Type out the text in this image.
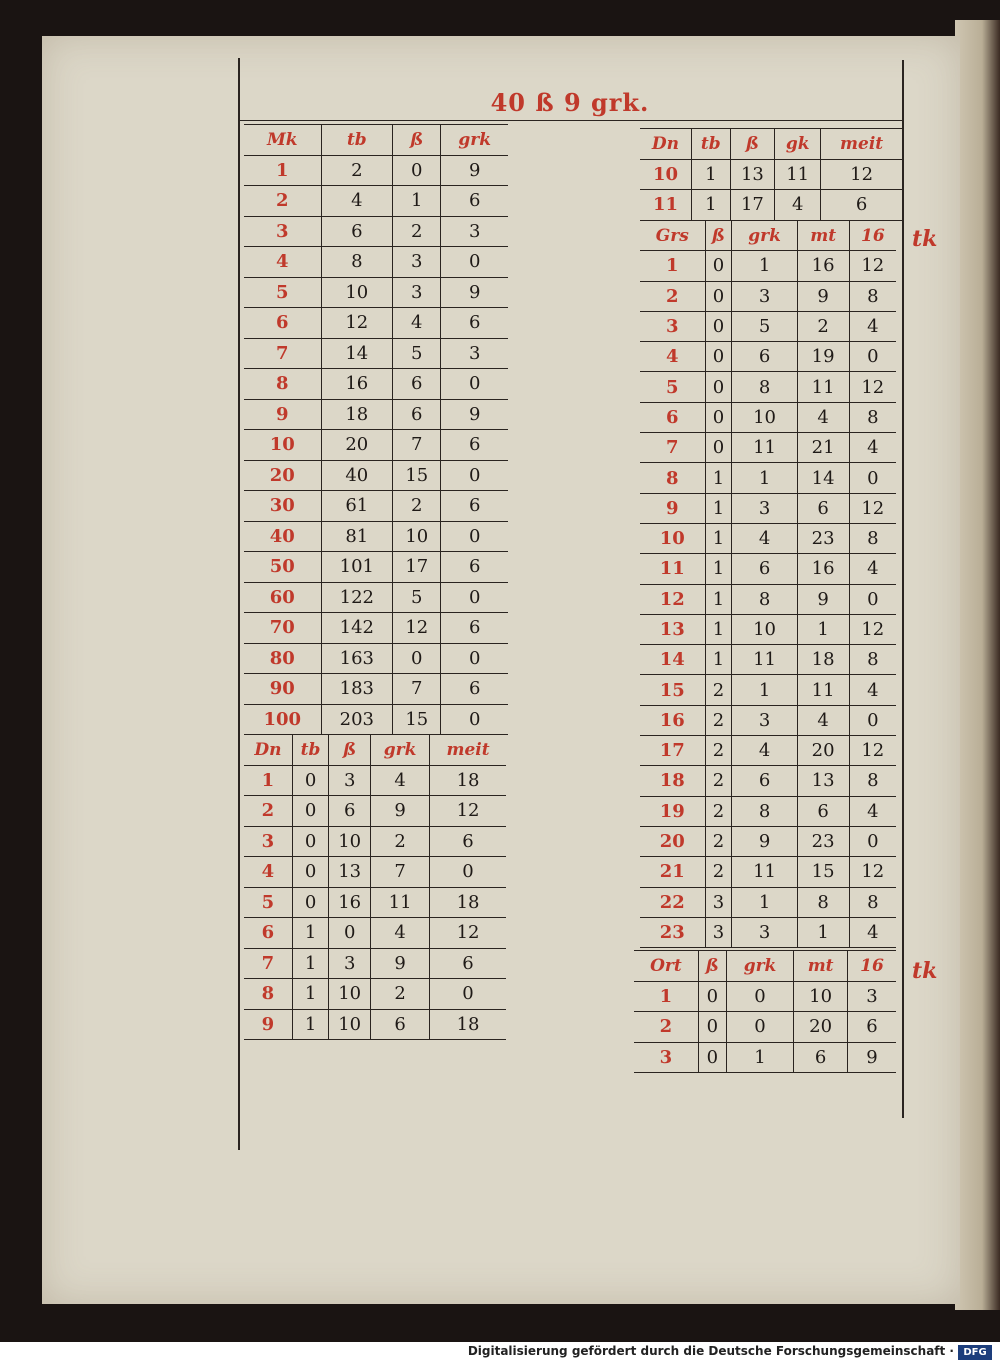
40 ß 9 grk.
Mk	tb	ß	grk
1	2	0	9
2	4	1	6
3	6	2	3
4	8	3	0
5	10	3	9
6	12	4	6
7	14	5	3
8	16	6	0
9	18	6	9
10	20	7	6
20	40	15	0
30	61	2	6
40	81	10	0
50	101	17	6
60	122	5	0
70	142	12	6
80	163	0	0
90	183	7	6
100	203	15	0
Dn	tb	ß	grk	meit
1	0	3	4	18
2	0	6	9	12
3	0	10	2	6
4	0	13	7	0
5	0	16	11	18
6	1	0	4	12
7	1	3	9	6
8	1	10	2	0
9	1	10	6	18
Dn	tb	ß	gk	meit
10	1	13	11	12
11	1	17	4	6
Grs	ß	grk	mt	16
1	0	1	16	12
2	0	3	9	8
3	0	5	2	4
4	0	6	19	0
5	0	8	11	12
6	0	10	4	8
7	0	11	21	4
8	1	1	14	0
9	1	3	6	12
10	1	4	23	8
11	1	6	16	4
12	1	8	9	0
13	1	10	1	12
14	1	11	18	8
15	2	1	11	4
16	2	3	4	0
17	2	4	20	12
18	2	6	13	8
19	2	8	6	4
20	2	9	23	0
21	2	11	15	12
22	3	1	8	8
23	3	3	1	4
Ort	ß	grk	mt	16
1	0	0	10	3
2	0	0	20	6
3	0	1	6	9
tk
tk
Digitalisierung gefördert durch die Deutsche Forschungsgemeinschaft · DFG
